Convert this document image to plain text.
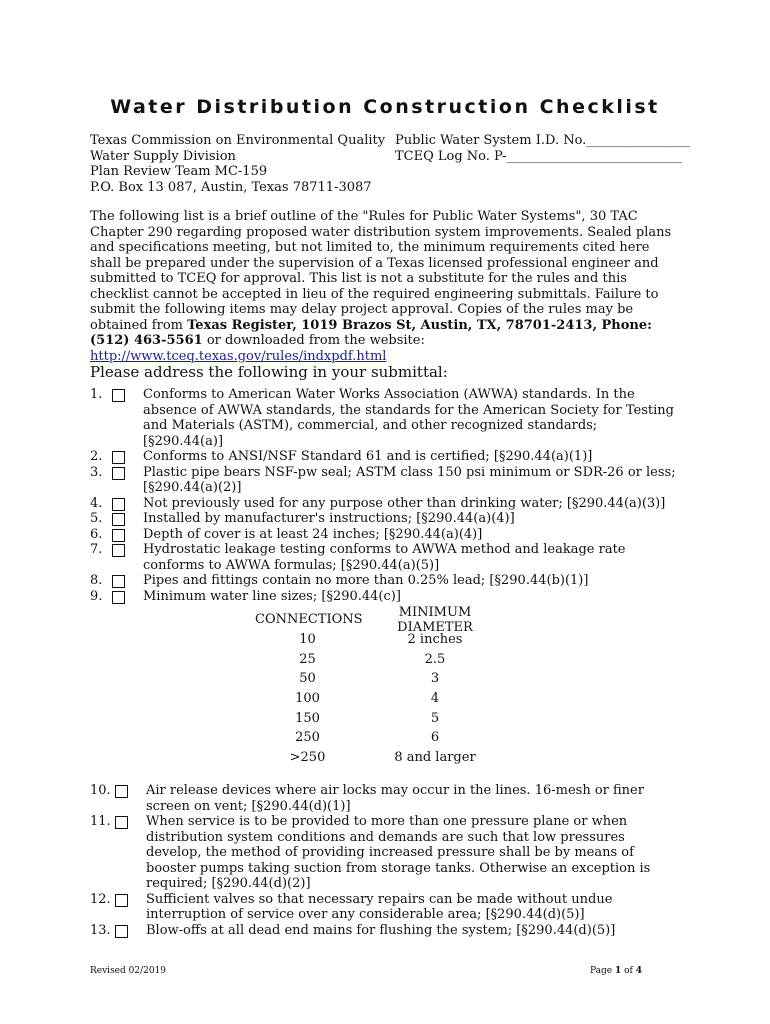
Water Distribution Construction Checklist
Texas Commission on Environmental Quality
Water Supply Division
Plan Review Team MC-159
P.O. Box 13 087, Austin, Texas 78711-3087
Public Water System I.D. No.________________
TCEQ Log No. P-___________________________
The following list is a brief outline of the "Rules for Public Water Systems", 30 TAC Chapter 290 regarding proposed water distribution system improvements. Sealed plans and specifications meeting, but not limited to, the minimum requirements cited here shall be prepared under the supervision of a Texas licensed professional engineer and submitted to TCEQ for approval. This list is not a substitute for the rules and this checklist cannot be accepted in lieu of the required engineering submittals. Failure to submit the following items may delay project approval. Copies of the rules may be obtained from Texas Register, 1019 Brazos St, Austin, TX, 78701-2413, Phone: (512) 463-5561 or downloaded from the website:
http://www.tceq.texas.gov/rules/indxpdf.html
Please address the following in your submittal:
1.	Conforms to American Water Works Association (AWWA) standards. In the absence of AWWA standards, the standards for the American Society for Testing and Materials (ASTM), commercial, and other recognized standards; [§290.44(a)]
2.	Conforms to ANSI/NSF Standard 61 and is certified; [§290.44(a)(1)]
3.	Plastic pipe bears NSF-pw seal; ASTM class 150 psi minimum or SDR-26 or less; [§290.44(a)(2)]
4.	Not previously used for any purpose other than drinking water; [§290.44(a)(3)]
5.	Installed by manufacturer's instructions; [§290.44(a)(4)]
6.	Depth of cover is at least 24 inches; [§290.44(a)(4)]
7.	Hydrostatic leakage testing conforms to AWWA method and leakage rate conforms to AWWA formulas; [§290.44(a)(5)]
8.	Pipes and fittings contain no more than 0.25% lead; [§290.44(b)(1)]
9.	Minimum water line sizes; [§290.44(c)]
CONNECTIONS	MINIMUM DIAMETER
10	2 inches
25	2.5
50	3
100	4
150	5
250	6
>250	8 and larger
10.	Air release devices where air locks may occur in the lines. 16-mesh or finer screen on vent; [§290.44(d)(1)]
11.	When service is to be provided to more than one pressure plane or when distribution system conditions and demands are such that low pressures develop, the method of providing increased pressure shall be by means of booster pumps taking suction from storage tanks. Otherwise an exception is required; [§290.44(d)(2)]
12.	Sufficient valves so that necessary repairs can be made without undue interruption of service over any considerable area; [§290.44(d)(5)]
13.	Blow-offs at all dead end mains for flushing the system; [§290.44(d)(5)]
Revised 02/2019	Page 1 of 4
